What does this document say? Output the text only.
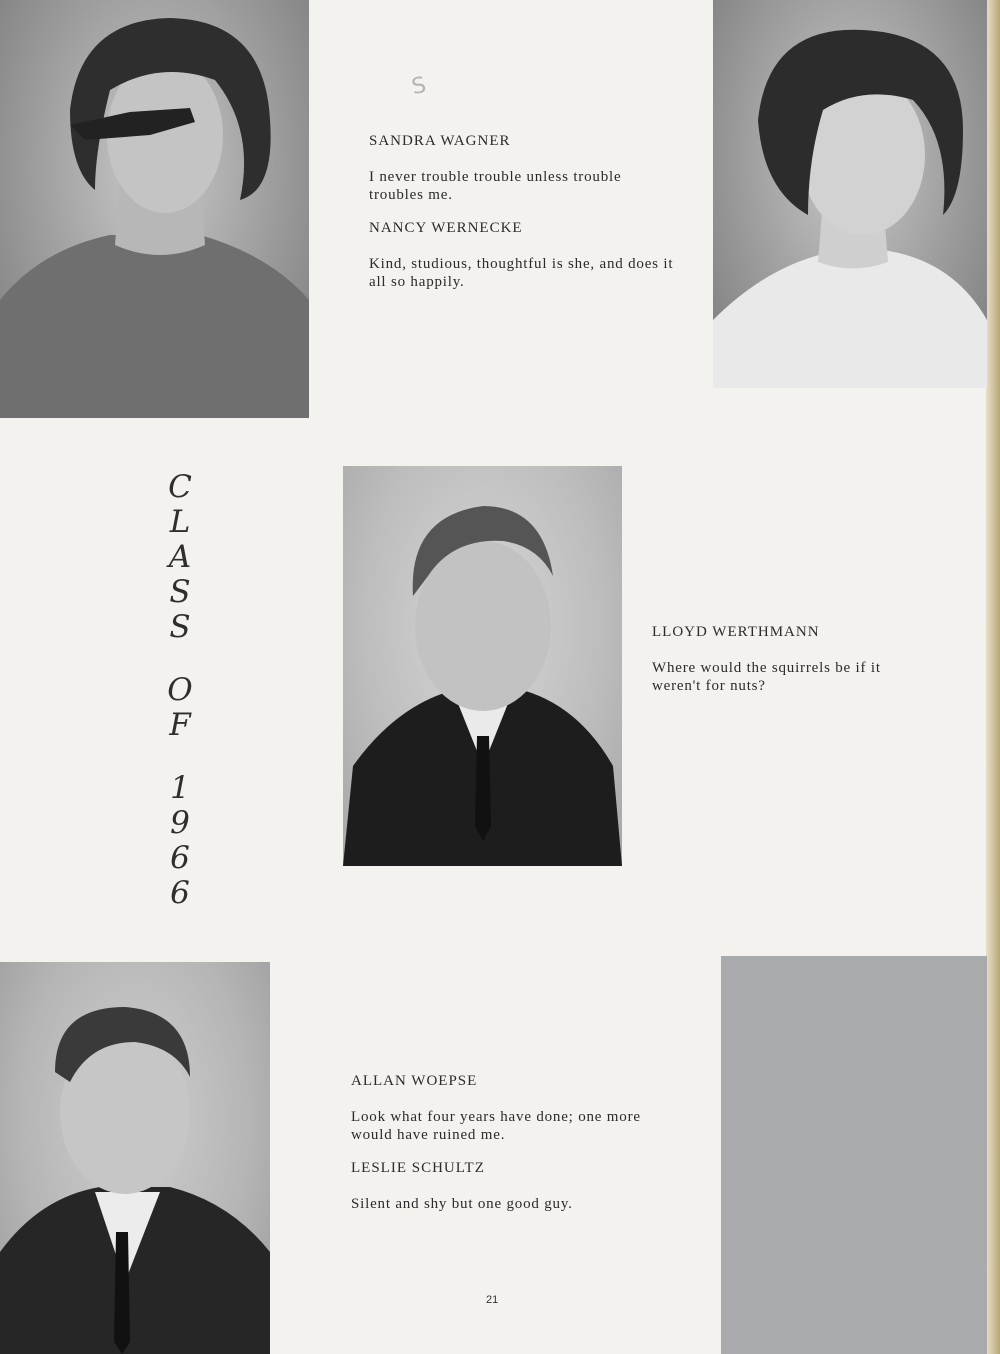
SANDRA WAGNER

I never trouble trouble unless trouble troubles me.

NANCY WERNECKE

Kind, studious, thoughtful is she, and does it all so happily.

LLOYD WERTHMANN

Where would the squirrels be if it weren't for nuts?

ALLAN WOEPSE

Look what four years have done; one more would have ruined me.

LESLIE SCHULTZ

Silent and shy but one good guy.

C
L
A
S
S
O
F
1
9
6
6
S
21
